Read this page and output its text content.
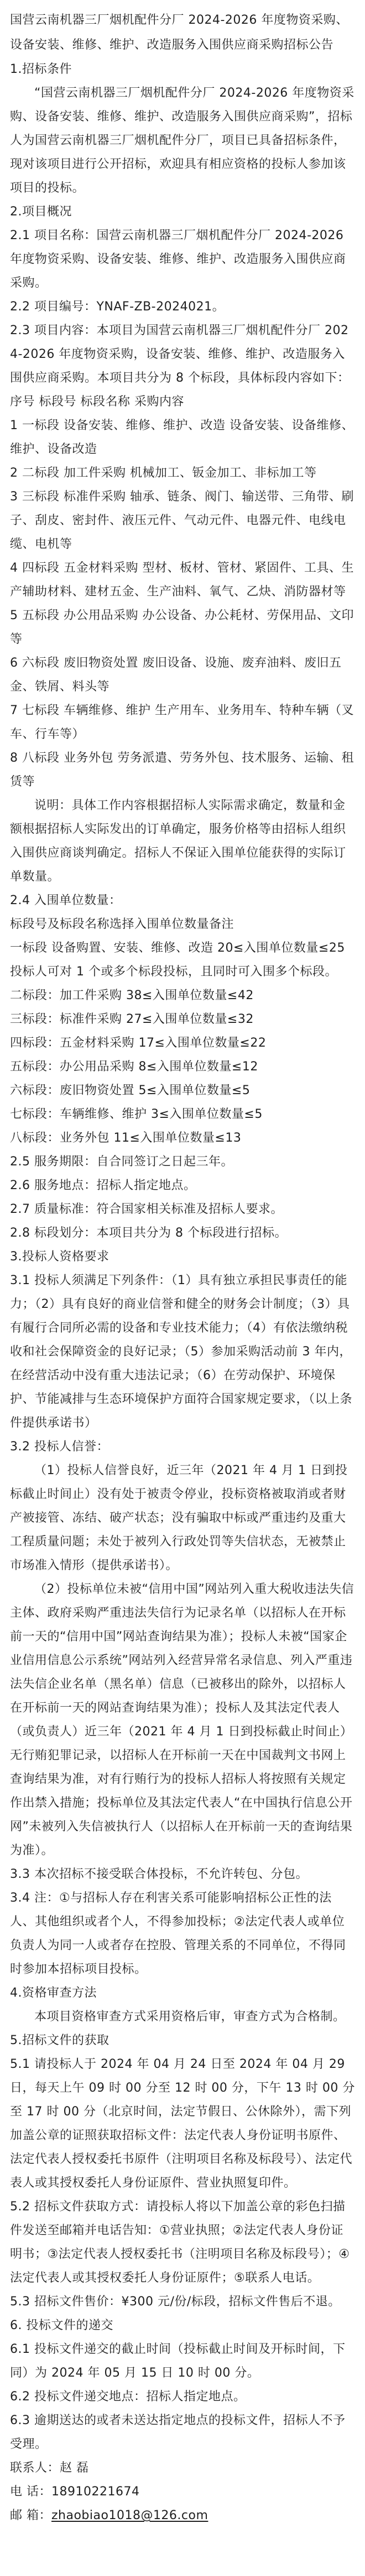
国营云南机器三厂烟机配件分厂 2024-2026 年度物资采购、设备安装、维修、维护、改造服务入围供应商采购招标公告

1.招标条件

“国营云南机器三厂烟机配件分厂 2024-2026 年度物资采购、设备安装、维修、维护、改造服务入围供应商采购”，招标人为国营云南机器三厂烟机配件分厂，项目已具备招标条件，现对该项目进行公开招标，欢迎具有相应资格的投标人参加该项目的投标。

2.项目概况

2.1 项目名称：国营云南机器三厂烟机配件分厂 2024-2026 年度物资采购、设备安装、维修、维护、改造服务入围供应商采购。

2.2 项目编号：YNAF-ZB-2024021。

2.3 项目内容：本项目为国营云南机器三厂烟机配件分厂 2024-2026 年度物资采购，设备安装、维修、维护、改造服务入围供应商采购。本项目共分为 8 个标段，具体标段内容如下：

序号 标段号 标段名称 采购内容

1 一标段 设备安装、维修、维护、改造 设备安装、设备维修、维护、设备改造

2 二标段 加工件采购 机械加工、钣金加工、非标加工等

3 三标段 标准件采购 轴承、链条、阀门、输送带、三角带、刷子、刮皮、密封件、液压元件、气动元件、电器元件、电线电缆、电机等

4 四标段 五金材料采购 型材、板材、管材、紧固件、工具、生产辅助材料、建材五金、生产油料、氧气、乙炔、消防器材等

5 五标段 办公用品采购 办公设备、办公耗材、劳保用品、文印等

6 六标段 废旧物资处置 废旧设备、设施、废弃油料、废旧五金、铁屑、料头等

7 七标段 车辆维修、维护 生产用车、业务用车、特种车辆（叉车、行车等）

8 八标段 业务外包 劳务派遣、劳务外包、技术服务、运输、租赁等

说明：具体工作内容根据招标人实际需求确定，数量和金额根据招标人实际发出的订单确定，服务价格等由招标人组织入围供应商谈判确定。招标人不保证入围单位能获得的实际订单数量。

2.4 入围单位数量：

标段号及标段名称选择入围单位数量备注

一标段 设备购置、安装、维修、改造 20≤入围单位数量≤25 投标人可对 1 个或多个标段投标，且同时可入围多个标段。

二标段：加工件采购 38≤入围单位数量≤42

三标段：标准件采购 27≤入围单位数量≤32

四标段：五金材料采购 17≤入围单位数量≤22

五标段：办公用品采购 8≤入围单位数量≤12

六标段：废旧物资处置 5≤入围单位数量≤5

七标段：车辆维修、维护 3≤入围单位数量≤5

八标段：业务外包 11≤入围单位数量≤13

2.5 服务期限：自合同签订之日起三年。

2.6 服务地点：招标人指定地点。

2.7 质量标准：符合国家相关标准及招标人要求。

2.8 标段划分：本项目共分为 8 个标段进行招标。

3.投标人资格要求

3.1 投标人须满足下列条件：（1）具有独立承担民事责任的能力；（2）具有良好的商业信誉和健全的财务会计制度；（3）具有履行合同所必需的设备和专业技术能力；（4）有依法缴纳税收和社会保障资金的良好记录；（5）参加采购活动前 3 年内，在经营活动中没有重大违法记录；（6）在劳动保护、环境保护、节能减排与生态环境保护方面符合国家规定要求，（以上条件提供承诺书）

3.2 投标人信誉：

（1）投标人信誉良好，近三年（2021 年 4 月 1 日到投标截止时间止）没有处于被责令停业，投标资格被取消或者财产被接管、冻结、破产状态；没有骗取中标或严重违约及重大工程质量问题；未处于被列入行政处罚等失信状态，无被禁止市场准入情形（提供承诺书）。

（2）投标单位未被“信用中国”网站列入重大税收违法失信主体、政府采购严重违法失信行为记录名单（以招标人在开标前一天的“信用中国”网站查询结果为准）；投标人未被“国家企业信用信息公示系统”网站列入经营异常名录信息、列入严重违法失信企业名单（黑名单）信息（已被移出的除外，以招标人在开标前一天的网站查询结果为准）；投标人及其法定代表人（或负责人）近三年（2021 年 4 月 1 日到投标截止时间止）无行贿犯罪记录，以招标人在开标前一天在中国裁判文书网上查询结果为准，对有行贿行为的投标人招标人将按照有关规定作出禁入措施；投标单位及其法定代表人“在中国执行信息公开网”未被列入失信被执行人（以招标人在开标前一天的查询结果为准）。

3.3 本次招标不接受联合体投标，不允许转包、分包。

3.4 注：①与招标人存在利害关系可能影响招标公正性的法人、其他组织或者个人，不得参加投标；②法定代表人或单位负责人为同一人或者存在控股、管理关系的不同单位，不得同时参加本招标项目投标。

4.资格审查方法

本项目资格审查方式采用资格后审，审查方式为合格制。

5.招标文件的获取

5.1 请投标人于 2024 年 04 月 24 日至 2024 年 04 月 29 日，每天上午 09 时 00 分至 12 时 00 分，下午 13 时 00 分至 17 时 00 分（北京时间，法定节假日、公休除外），需下列加盖公章的证照获取招标文件：法定代表人身份证明书原件、法定代表人授权委托书原件（注明项目名称及标段号）、法定代表人或其授权委托人身份证原件、营业执照复印件。

5.2 招标文件获取方式：请投标人将以下加盖公章的彩色扫描件发送至邮箱并电话告知：①营业执照；②法定代表人身份证明书；③法定代表人授权委托书（注明项目名称及标段号）；④法定代表人或其授权委托人身份证原件；⑤联系人电话。

5.3 招标文件售价：¥300 元/份/标段，招标文件售后不退。

6. 投标文件的递交

6.1 投标文件递交的截止时间（投标截止时间及开标时间，下同）为 2024 年 05 月 15 日 10 时 00 分。

6.2 投标文件递交地点：招标人指定地点。

6.3 逾期送达的或者未送达指定地点的投标文件，招标人不予受理。

联系人：赵 磊

电 话：18910221674

邮 箱：zhaobiao1018@126.com
